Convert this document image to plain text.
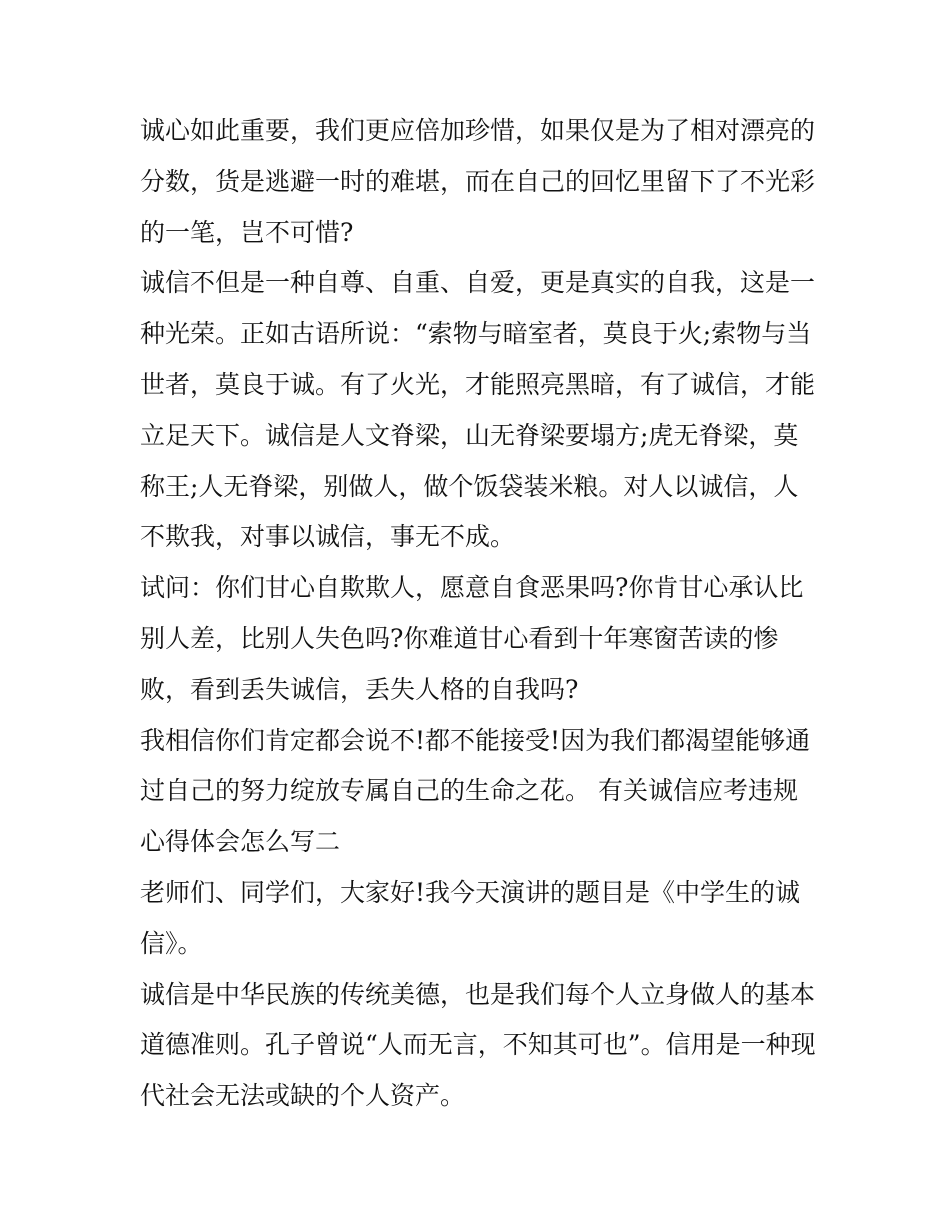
诚心如此重要，我们更应倍加珍惜，如果仅是为了相对漂亮的
分数，货是逃避一时的难堪，而在自己的回忆里留下了不光彩
的一笔，岂不可惜?

诚信不但是一种自尊、自重、自爱，更是真实的自我，这是一
种光荣。正如古语所说：“索物与暗室者，莫良于火;索物与当
世者，莫良于诚。有了火光，才能照亮黑暗，有了诚信，才能
立足天下。诚信是人文脊梁，山无脊梁要塌方;虎无脊梁，莫
称王;人无脊梁，别做人，做个饭袋装米粮。对人以诚信，人
不欺我，对事以诚信，事无不成。

试问：你们甘心自欺欺人，愿意自食恶果吗?你肯甘心承认比
别人差，比别人失色吗?你难道甘心看到十年寒窗苦读的惨
败，看到丢失诚信，丢失人格的自我吗?

我相信你们肯定都会说不!都不能接受!因为我们都渴望能够通
过自己的努力绽放专属自己的生命之花。 有关诚信应考违规
心得体会怎么写二

老师们、同学们，大家好!我今天演讲的题目是《中学生的诚
信》。

诚信是中华民族的传统美德，也是我们每个人立身做人的基本
道德准则。孔子曾说“人而无言，不知其可也”。信用是一种现
代社会无法或缺的个人资产。
